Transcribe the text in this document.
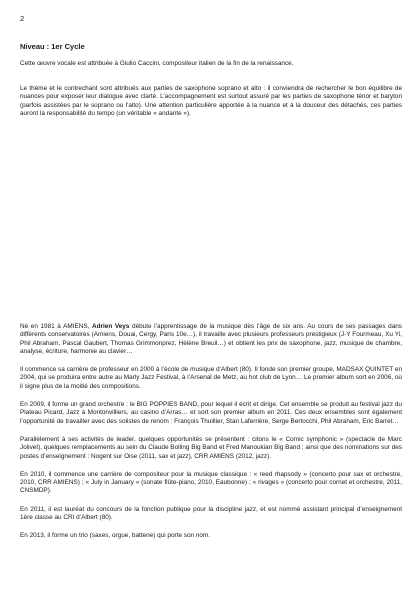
2
Niveau : 1er Cycle

Cette œuvre vocale est attribuée à Giulio Caccini, compositeur italien de la fin de la renaissance.

Le thème et le contrechant sont attribués aux parties de saxophone soprano et alto : il conviendra de rechercher le bon équilibre de nuances pour exposer leur dialogue avec clarté. L’accompagnement est surtout assuré par les parties de saxophone ténor et baryton (parfois assistées par le soprano ou l’alto). Une attention particulière apportée à la nuance et à la douceur des détachés, ces parties auront la responsabilité du tempo (un véritable « andante »).

Né en 1981 à AMIENS, Adrien Veys débute l’apprentissage de la musique dès l’âge de six ans. Au cours de ses passages dans différents conservatoires (Amiens, Douai, Cergy, Paris 10e…), il travaille avec plusieurs professeurs prestigieux (J-Y Fourmeau, Xu Yi, Phil Abraham, Pascal Gaubert, Thomas Grimmonprez, Hélène Breuil…) et obtient les prix de saxophone, jazz, musique de chambre, analyse, écriture, harmonie au clavier…

Il commence sa carrière de professeur en 2000 à l’école de musique d’Albert (80). Il fonde son premier groupe, MADSAX QUINTET en 2004, qui se produira entre autre au Marly Jazz Festival, à l’Arsenal de Metz, au hot club de Lyon… Le premier album sort en 2006, où il signe plus de la moitié des compositions.

En 2009, il forme un grand orchestre : le BIG POPPIES BAND, pour lequel il écrit et dirige. Cet ensemble se produit au festival jazz du Plateau Picard, Jazz à Montonvilliers, au casino d’Arras… et sort son premier album en 2011. Ces deux ensembles sont également l’opportunité de travailler avec des solistes de renom : François Thuillier, Stan Laferrière, Serge Bertocchi, Phil Abraham, Eric Barret…

Parallèlement à ses activités de leader, quelques opportunités se présentent : citons le « Comic symphonic » (spectacle de Marc Jolivet), quelques remplacements au sein du Claude Bolling Big Band et Fred Manoukian Big Band ; ainsi que des nominations sur des postes d’enseignement : Nogent sur Oise (2011, sax et jazz), CRR AMIENS (2012, jazz).

En 2010, il commence une carrière de compositeur pour la musique classique : « reed rhapsody » (concerto pour sax et orchestre, 2010, CRR AMIENS) ; « July in January » (sonate flûte-piano, 2010, Eaubonne) ; « rivages » (concerto pour cornet et orchestre, 2011, CNSMDP).

En 2011, il est lauréat du concours de la fonction publique pour la discipline jazz, et est nommé assistant principal d’enseignement 1ère classe au CRI d’Albert (80).

En 2013, il forme un trio (saxes, orgue, batterie) qui porte son nom.
